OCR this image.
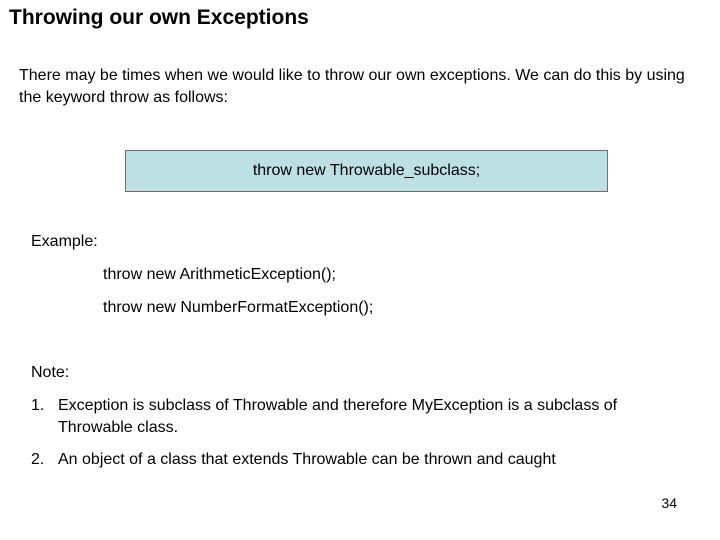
Throwing our own Exceptions
There may be times when we would like to throw our own exceptions. We can do this by using the keyword throw as follows:
throw new Throwable_subclass;
Example:
throw new ArithmeticException();
throw new NumberFormatException();
Note:
1. Exception is subclass of Throwable and therefore MyException is a subclass of Throwable class.
2. An object of a class that extends Throwable can be thrown and caught
34
